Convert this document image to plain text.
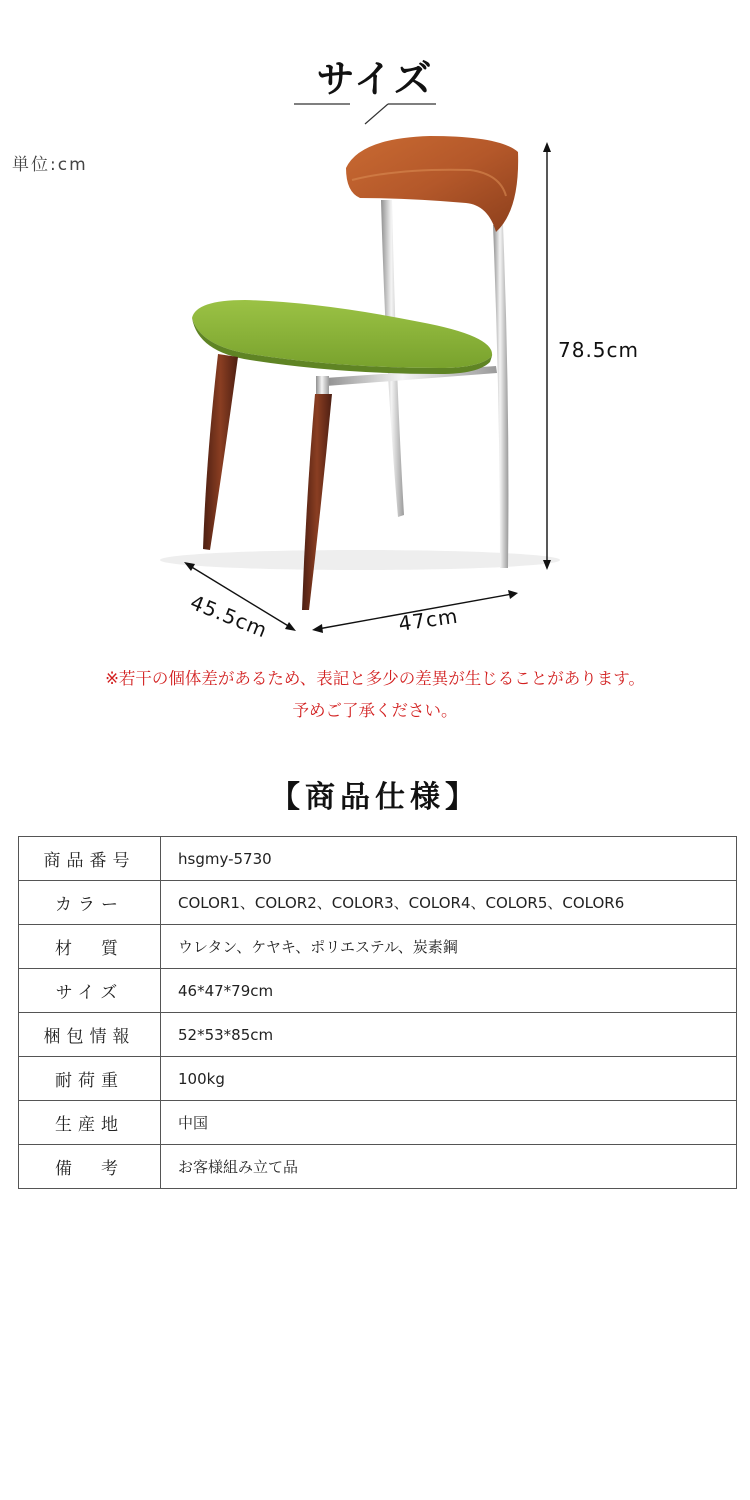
サイズ
単位:cm
78.5cm
47cm
45.5cm
※若干の個体差があるため、表記と多少の差異が生じることがあります。
予めご了承ください。
【商品仕様】
商品番号	hsgmy-5730
カラー	COLOR1、COLOR2、COLOR3、COLOR4、COLOR5、COLOR6
材　質	ウレタン、ケヤキ、ポリエステル、炭素鋼
サイズ	46*47*79cm
梱包情報	52*53*85cm
耐荷重	100kg
生産地	中国
備　考	お客様組み立て品
